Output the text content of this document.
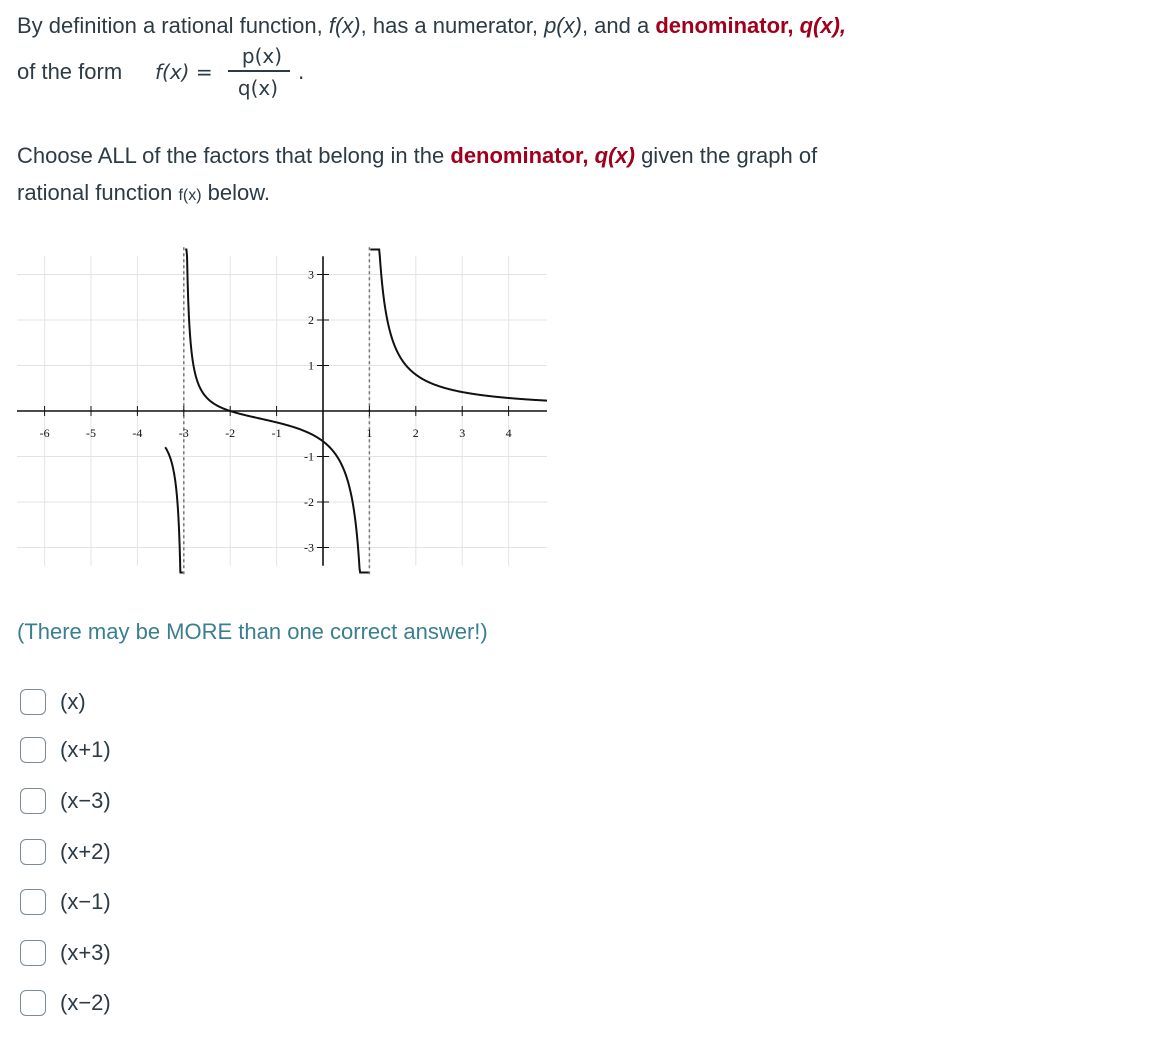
By definition a rational function, f(x), has a numerator, p(x), and a denominator, q(x),
of the form f(x) =
p(x)
q(x)
.
Choose ALL of the factors that belong in the denominator, q(x) given the graph of
rational function f(x) below.
-6	-5	-4	-3	-2	-1	1	2	3	4
3
2
1
-1
-2
-3
(There may be MORE than one correct answer!)
(x)
(x+1)
(x−3)
(x+2)
(x−1)
(x+3)
(x−2)
